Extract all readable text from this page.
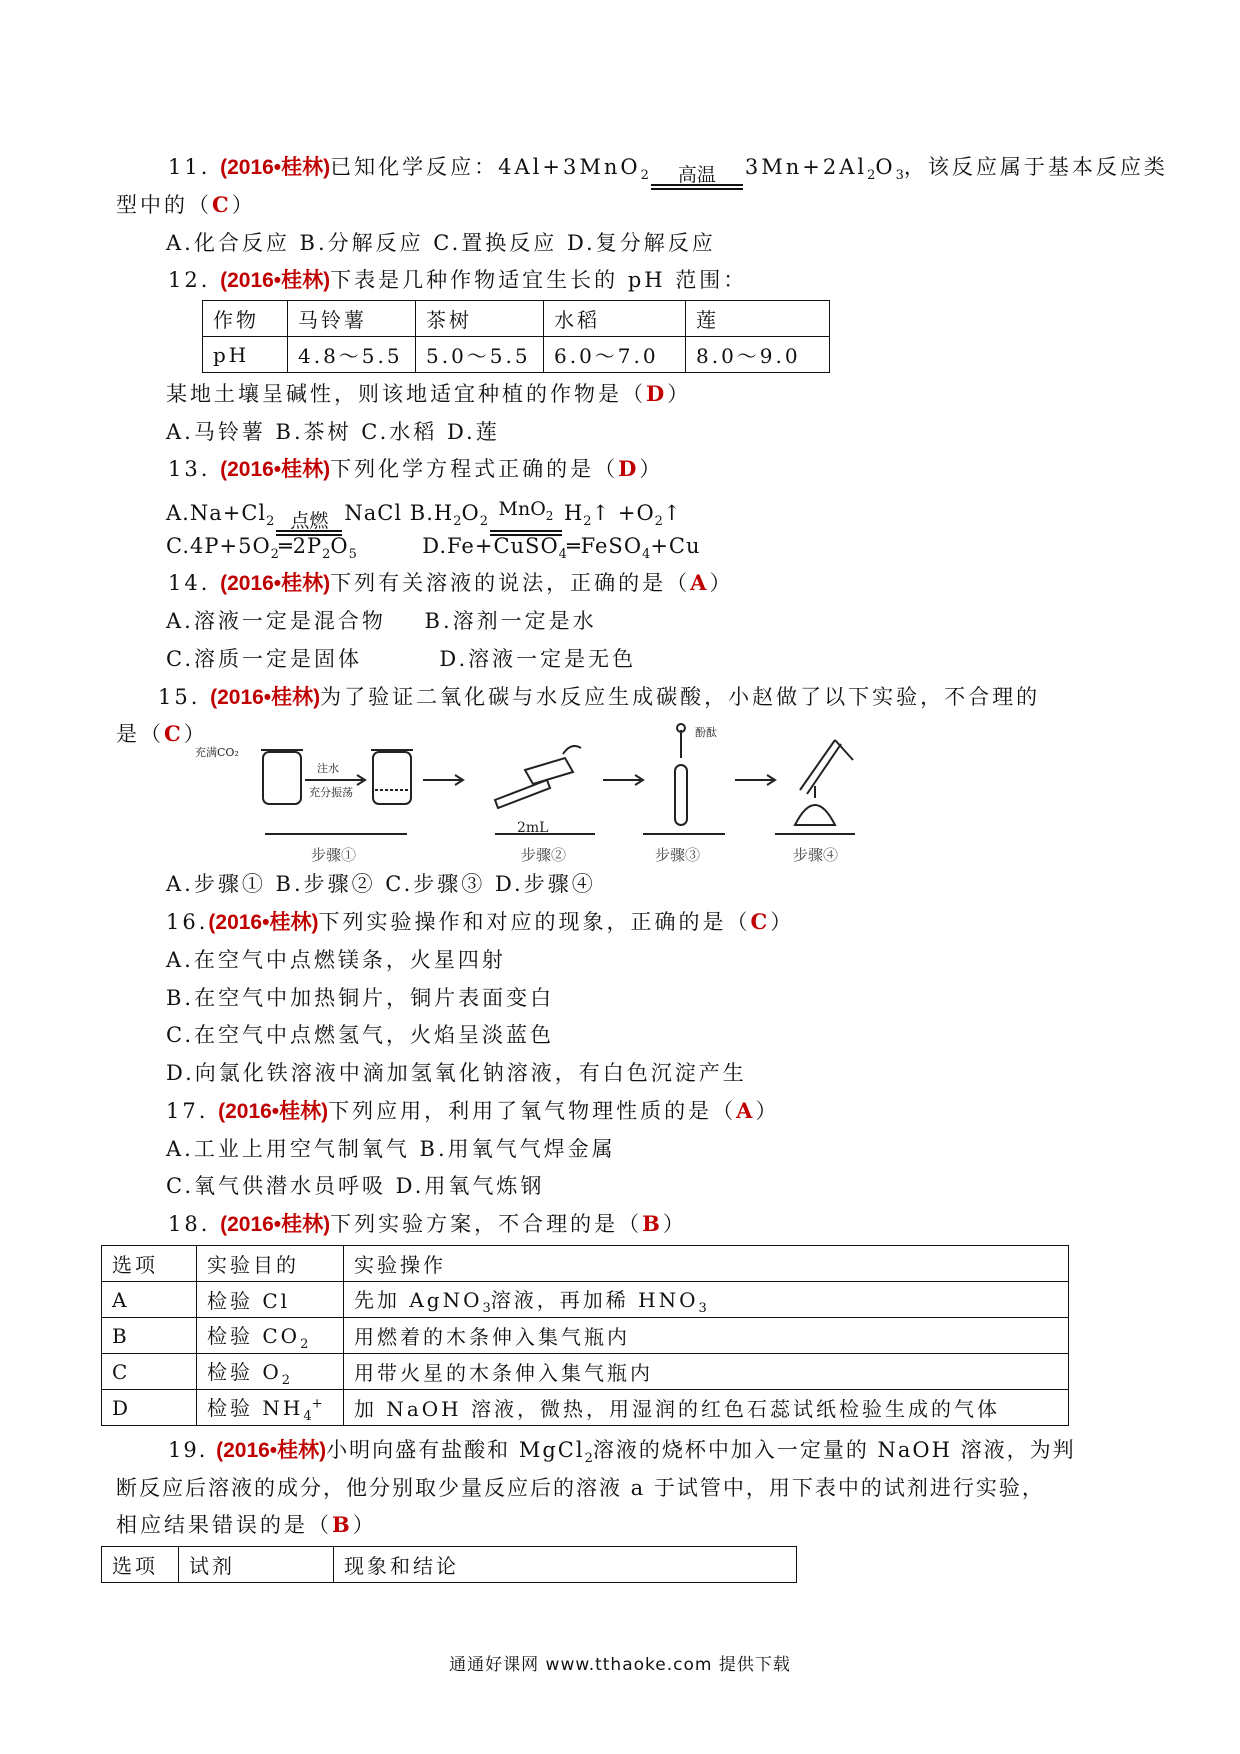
11. (2016•桂林)已知化学反应：4Al+3MnO$_2$	高温	$3Mn+2Al_2O_3$，该反应属于基本反应类
型中的（C）
A.化合反应 B.分解反应 C.置换反应 D.复分解反应
12. (2016•桂林)下表是几种作物适宜生长的 pH 范围：
作物	马铃薯	茶树	水稻	莲
pH	4.8～5.5	5.0～5.5	6.0～7.0	8.0～9.0
某地土壤呈碱性，则该地适宜种植的作物是（D）
A.马铃薯 B.茶树 C.水稻 D.莲
13. (2016•桂林)下列化学方程式正确的是（D）
$A.Na+Cl_2$ 点燃 NaCl $B.H_2O_2MnO_2$ $H_2↑$ $+O_2↑$
$C.4P+5O_2═2P_2O_5$	D.Fe+CuSO$_4$═FeSO$_4$+Cu
14. (2016•桂林)下列有关溶液的说法，正确的是（A）
A.溶液一定是混合物    B.溶剂一定是水
C.溶质一定是固体        D.溶液一定是无色
15. (2016•桂林)为了验证二氧化碳与水反应生成碳酸，小赵做了以下实验，不合理的
是（C）
充满CO₂
注水
充分振荡
2mL
酚酞
步骤①	步骤②	步骤③	步骤④
A.步骤① B.步骤② C.步骤③ D.步骤④
16.(2016•桂林)下列实验操作和对应的现象，正确的是（C）
A.在空气中点燃镁条，火星四射
B.在空气中加热铜片，铜片表面变白
C.在空气中点燃氢气，火焰呈淡蓝色
D.向氯化铁溶液中滴加氢氧化钠溶液，有白色沉淀产生
17. (2016•桂林)下列应用，利用了氧气物理性质的是（A）
A.工业上用空气制氧气 B.用氧气气焊金属
C.氧气供潜水员呼吸 D.用氧气炼钢
18. (2016•桂林)下列实验方案，不合理的是（B）
选项	实验目的	实验操作
A	检验 Cl	先加 AgNO$_3$溶液，再加稀 $HNO_3$
B	检验 $CO_2$	用燃着的木条伸入集气瓶内
C	检验 $O_2$	用带火星的木条伸入集气瓶内
D	检验 $NH_4^+$	加 NaOH 溶液，微热，用湿润的红色石蕊试纸检验生成的气体
19. (2016•桂林)小明向盛有盐酸和 MgCl$_2$溶液的烧杯中加入一定量的 NaOH 溶液，为判
断反应后溶液的成分，他分别取少量反应后的溶液 a 于试管中，用下表中的试剂进行实验，
相应结果错误的是（B）
选项	试剂	现象和结论
通通好课网 www.tthaoke.com 提供下载
